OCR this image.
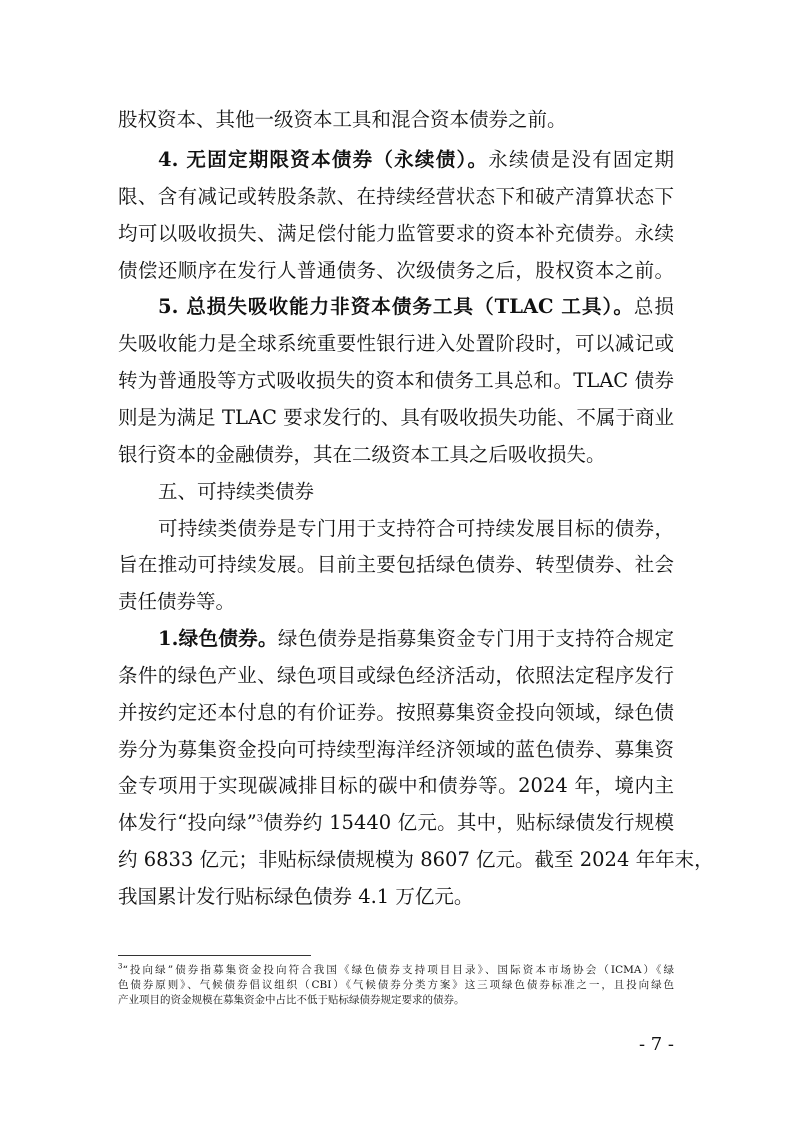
股权资本、其他一级资本工具和混合资本债券之前。
4. 无固定期限资本债券（永续债）。永续债是没有固定期
限、含有减记或转股条款、在持续经营状态下和破产清算状态下
均可以吸收损失、满足偿付能力监管要求的资本补充债券。永续
债偿还顺序在发行人普通债务、次级债务之后，股权资本之前。
5. 总损失吸收能力非资本债务工具（TLAC 工具）。总损
失吸收能力是全球系统重要性银行进入处置阶段时，可以减记或
转为普通股等方式吸收损失的资本和债务工具总和。TLAC 债券
则是为满足 TLAC 要求发行的、具有吸收损失功能、不属于商业
银行资本的金融债券，其在二级资本工具之后吸收损失。
五、可持续类债券
可持续类债券是专门用于支持符合可持续发展目标的债券，
旨在推动可持续发展。目前主要包括绿色债券、转型债券、社会
责任债券等。
1.绿色债券。绿色债券是指募集资金专门用于支持符合规定
条件的绿色产业、绿色项目或绿色经济活动，依照法定程序发行
并按约定还本付息的有价证券。按照募集资金投向领域，绿色债
券分为募集资金投向可持续型海洋经济领域的蓝色债券、募集资
金专项用于实现碳减排目标的碳中和债券等。2024 年，境内主
体发行“投向绿”$^3$债券约 15440 亿元。其中，贴标绿债发行规模
约 6833 亿元；非贴标绿债规模为 8607 亿元。截至 2024 年年末，
我国累计发行贴标绿色债券 4.1 万亿元。
$^3$“投向绿”债券指募集资金投向符合我国《绿色债券支持项目目录》、国际资本市场协会（ICMA）《绿
色债券原则》、气候债券倡议组织（CBI）《气候债券分类方案》这三项绿色债券标准之一，且投向绿色
产业项目的资金规模在募集资金中占比不低于贴标绿债券规定要求的债券。
- 7 -
